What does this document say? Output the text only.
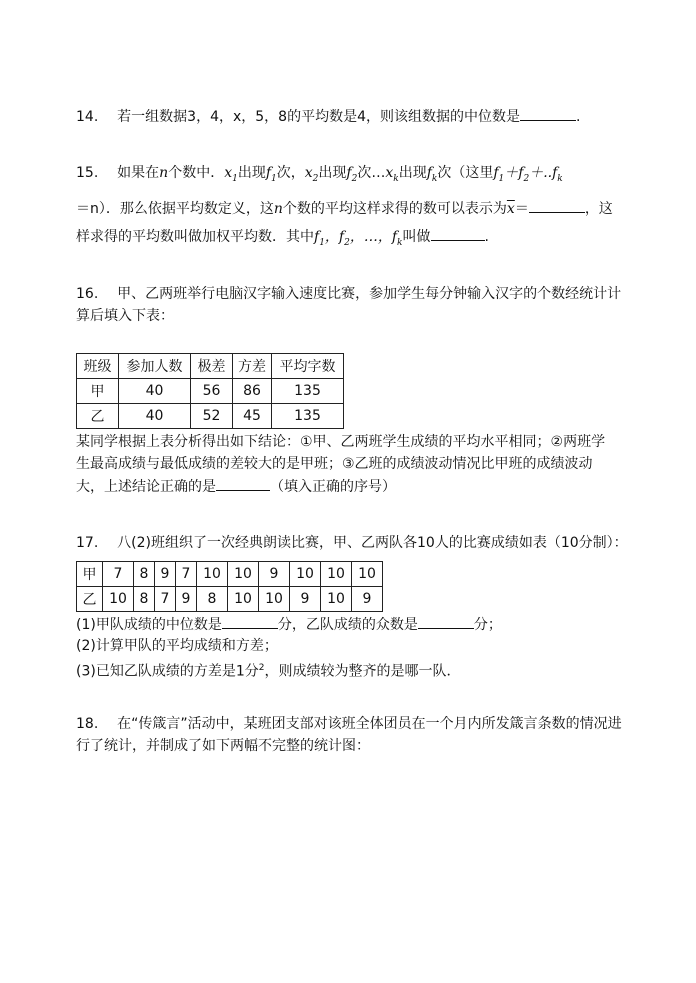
14. 若一组数据3，4，x，5，8的平均数是4，则该组数据的中位数是	.
15. 如果在n个数中．$x_1$出现$f_1$次，$x_2$出现$f_2$次$\dots x_k$出现$f_k$次（这里$f_1+f_2+..f_k$
＝n）．那么依据平均数定义，这n个数的平均这样求得的数可以表示为$\overline{x}=$	，这
样求得的平均数叫做加权平均数．其中$f_1$，$f_2$，…，$f_k$叫做	.
16. 甲、乙两班举行电脑汉字输入速度比赛，参加学生每分钟输入汉字的个数经统计计
算后填入下表：
班级	参加人数	极差	方差	平均字数
甲	40	56	86	135
乙	40	52	45	135
某同学根据上表分析得出如下结论：①甲、乙两班学生成绩的平均水平相同；②两班学
生最高成绩与最低成绩的差较大的是甲班；③乙班的成绩波动情况比甲班的成绩波动
大，上述结论正确的是	（填入正确的序号）
17. 八(2)班组织了一次经典朗读比赛，甲、乙两队各10人的比赛成绩如表（10分制）：
甲	7	8	9	7	10	10	9	10	10	10
乙	10	8	7	9	8	10	10	9	10	9
(1)甲队成绩的中位数是	分，乙队成绩的众数是	分；
(2)计算甲队的平均成绩和方差；
(3)已知乙队成绩的方差是1分$^2$，则成绩较为整齐的是哪一队．
18. 在“传箴言”活动中，某班团支部对该班全体团员在一个月内所发箴言条数的情况进
行了统计，并制成了如下两幅不完整的统计图：
